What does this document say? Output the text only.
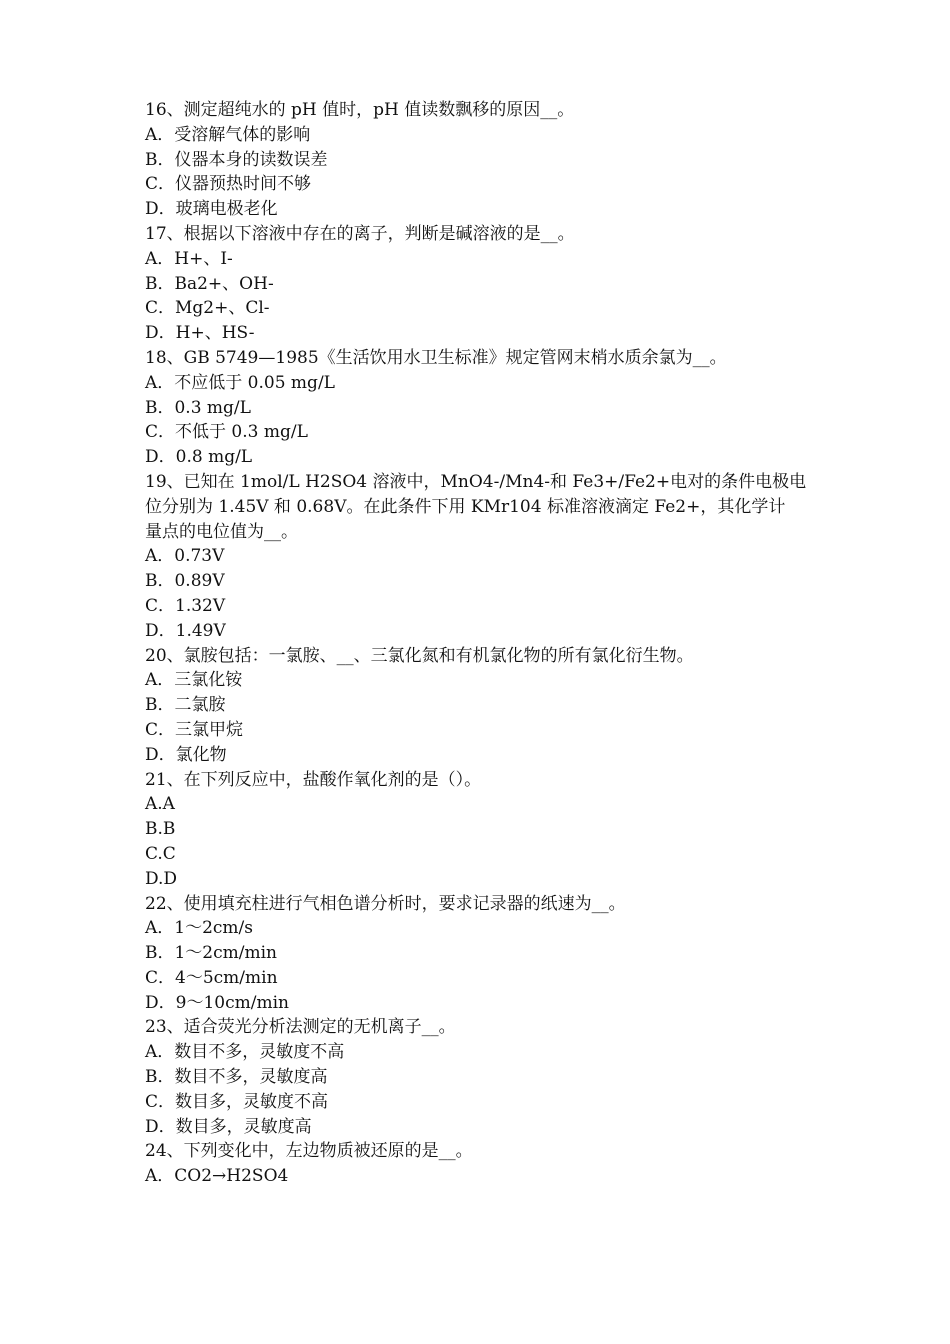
16、测定超纯水的 pH 值时，pH 值读数飘移的原因__。
A．受溶解气体的影响
B．仪器本身的读数误差
C．仪器预热时间不够
D．玻璃电极老化
17、根据以下溶液中存在的离子，判断是碱溶液的是__。
A．H+、I-
B．Ba2+、OH-
C．Mg2+、Cl-
D．H+、HS-
18、GB 5749—1985《生活饮用水卫生标准》规定管网末梢水质余氯为__。
A．不应低于 0.05 mg/L
B．0.3 mg/L
C．不低于 0.3 mg/L
D．0.8 mg/L
19、已知在 1mol/L H2SO4 溶液中，MnO4-/Mn4-和 Fe3+/Fe2+电对的条件电极电
位分别为 1.45V 和 0.68V。在此条件下用 KMr104 标准溶液滴定 Fe2+，其化学计
量点的电位值为__。
A．0.73V
B．0.89V
C．1.32V
D．1.49V
20、氯胺包括：一氯胺、__、三氯化氮和有机氯化物的所有氯化衍生物。
A．三氯化铵
B．二氯胺
C．三氯甲烷
D．氯化物
21、在下列反应中，盐酸作氧化剂的是（）。
A.A
B.B
C.C
D.D
22、使用填充柱进行气相色谱分析时，要求记录器的纸速为__。
A．1～2cm/s
B．1～2cm/min
C．4～5cm/min
D．9～10cm/min
23、适合荧光分析法测定的无机离子__。
A．数目不多，灵敏度不高
B．数目不多，灵敏度高
C．数目多，灵敏度不高
D．数目多，灵敏度高
24、下列变化中，左边物质被还原的是__。
A．CO2→H2SO4
